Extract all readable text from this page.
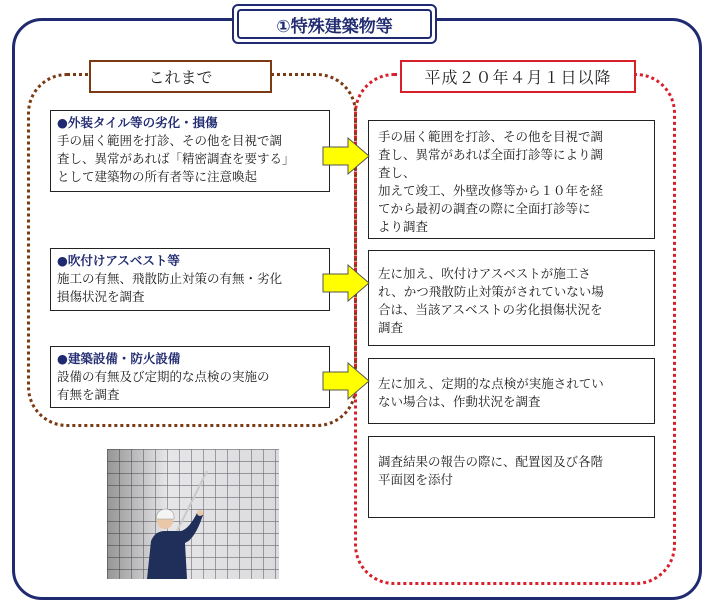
①特殊建築物等
これまで	平成２０年４月１日以降

●外装タイル等の劣化・損傷

手の届く範囲を打診、その他を目視で調

査し、異常があれば「精密調査を要する」

として建築物の所有者等に注意喚起

●吹付けアスベスト等

施工の有無、飛散防止対策の有無・劣化

損傷状況を調査

●建築設備・防火設備

設備の有無及び定期的な点検の実施の

有無を調査

手の届く範囲を打診、その他を目視で調

査し、異常があれば全面打診等により調

査し、

加えて竣工、外壁改修等から１０年を経

てから最初の調査の際に全面打診等に

より調査

左に加え、吹付けアスベストが施工さ

れ、かつ飛散防止対策がされていない場

合は、当該アスベストの劣化損傷状況を

調査

左に加え、定期的な点検が実施されてい

ない場合は、作動状況を調査

調査結果の報告の際に、配置図及び各階

平面図を添付
